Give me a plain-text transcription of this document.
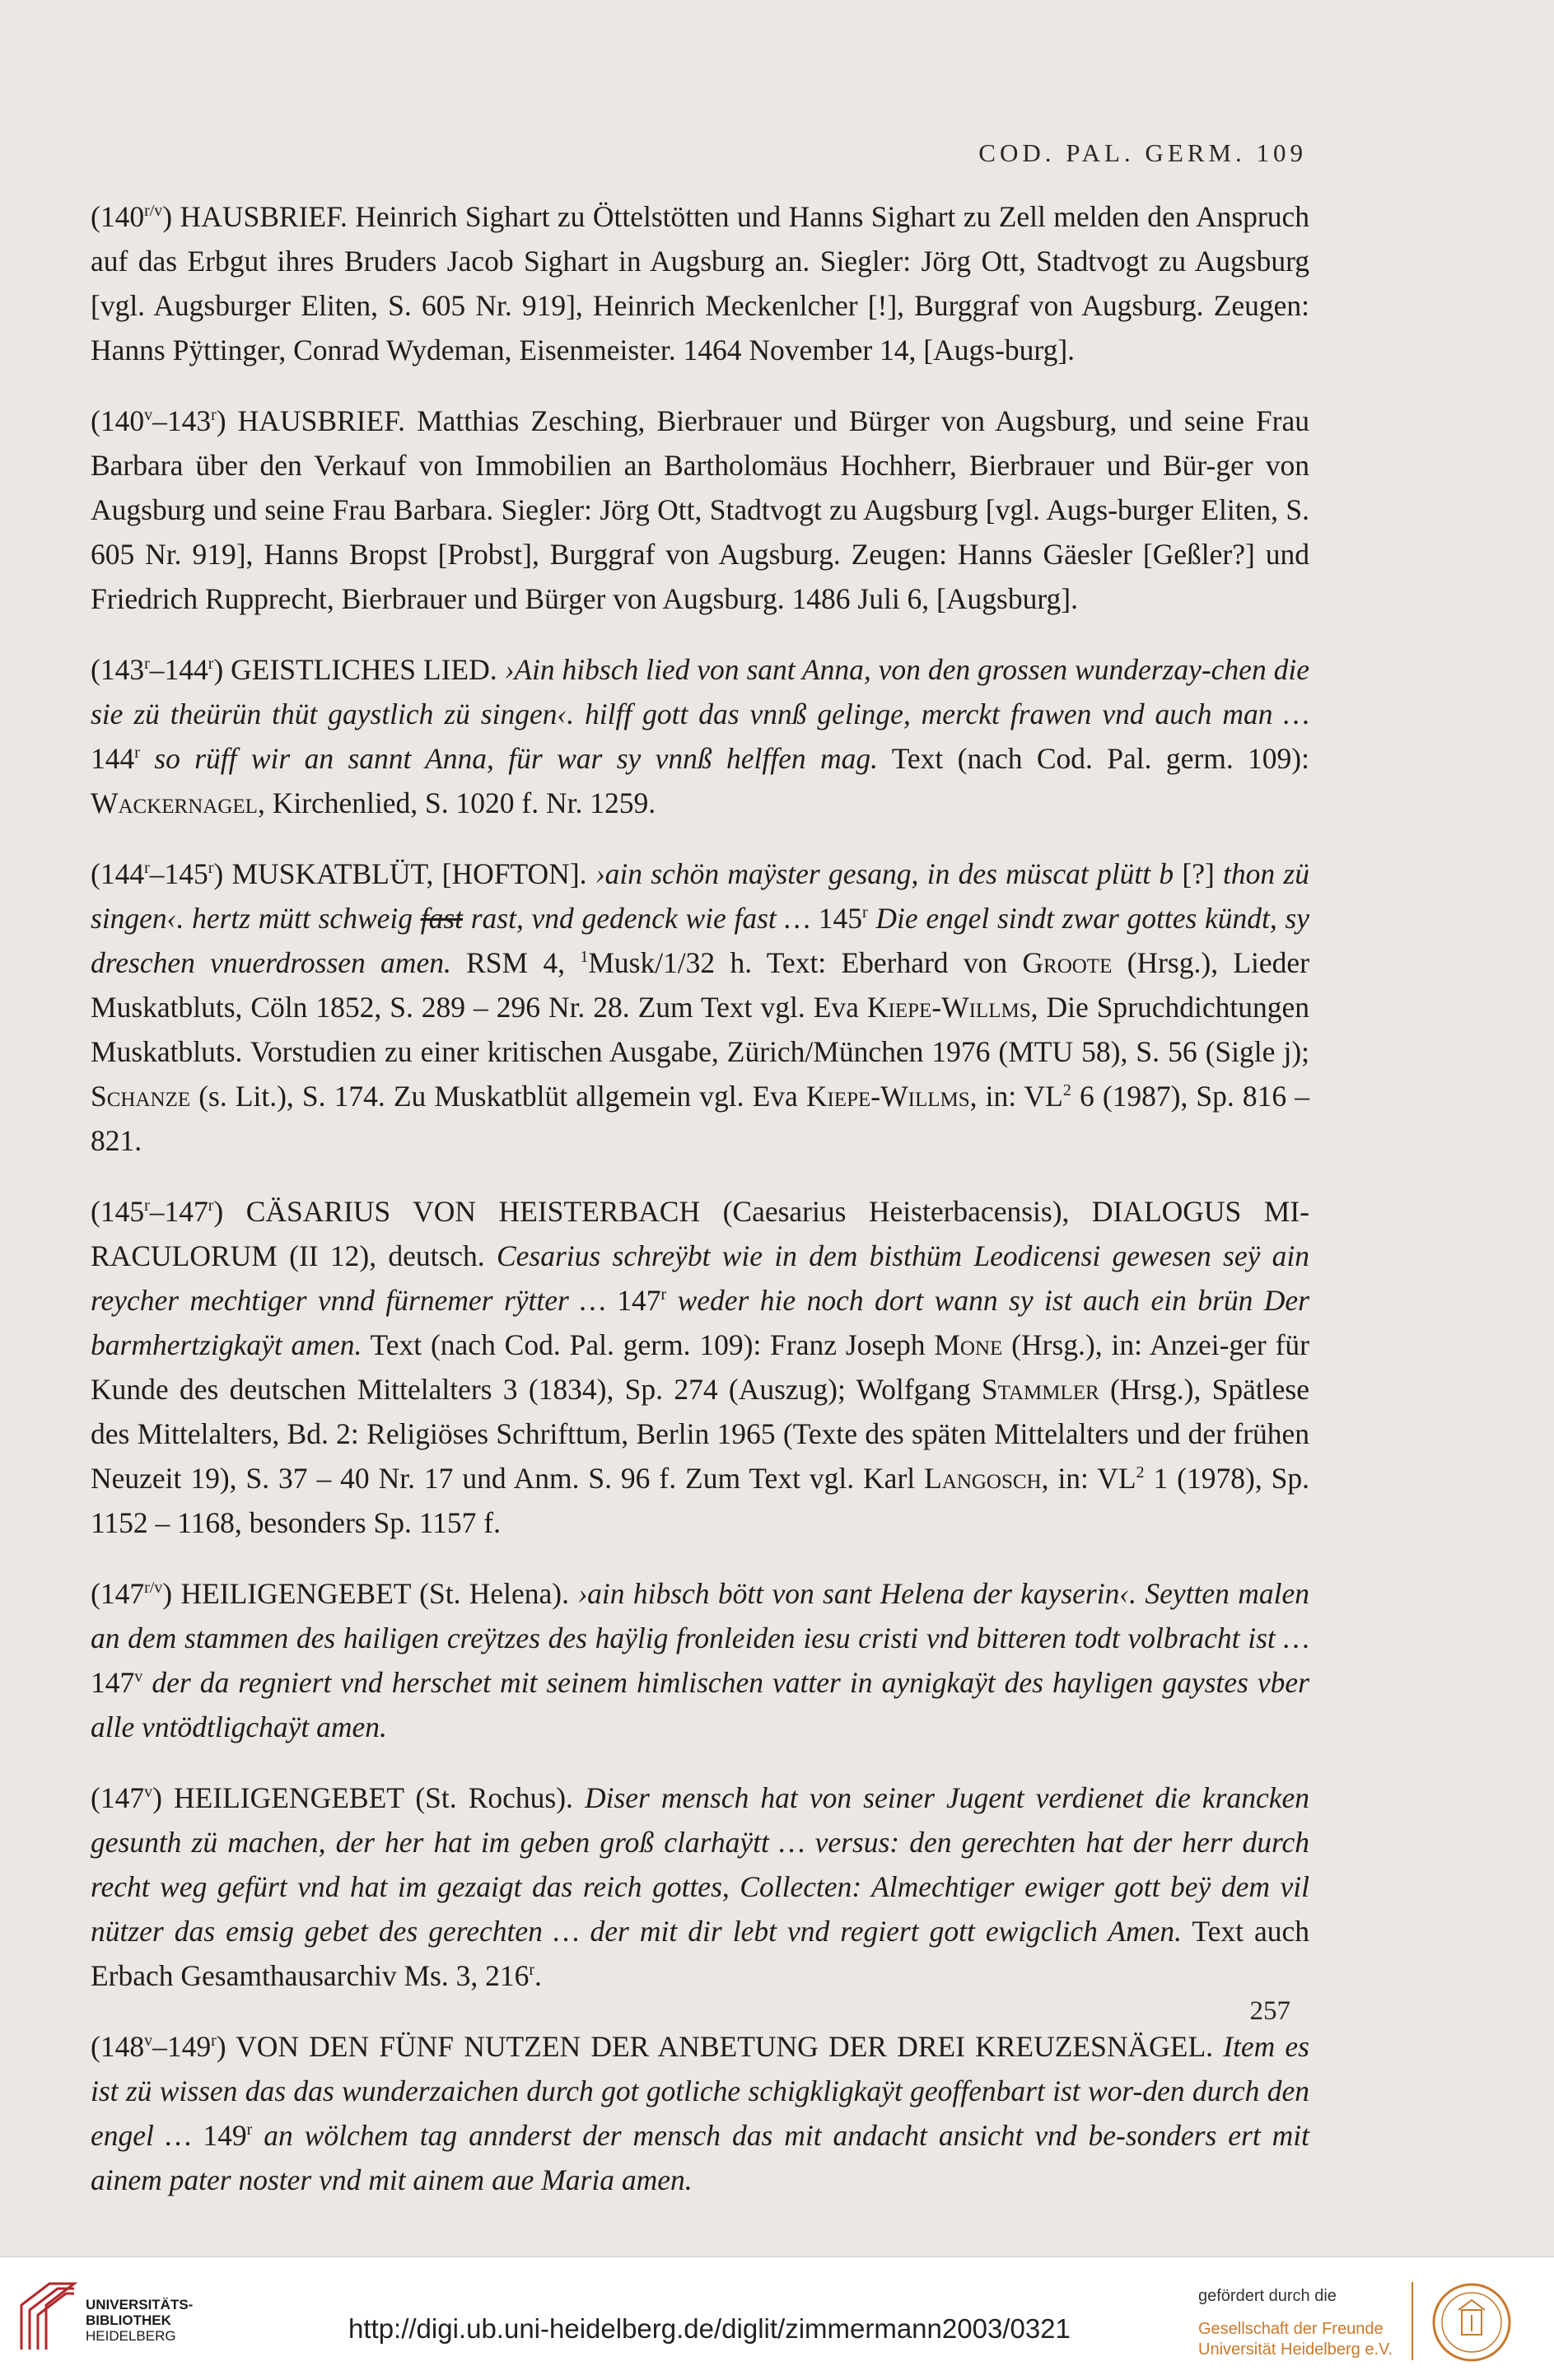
COD. PAL. GERM. 109

$(140^{r/v})$ HAUSBRIEF. Heinrich Sighart zu Öttelstötten und Hanns Sighart zu Zell melden den Anspruch auf das Erbgut ihres Bruders Jacob Sighart in Augsburg an. Siegler: Jörg Ott, Stadtvogt zu Augsburg [vgl. Augsburger Eliten, S. 605 Nr. 919], Heinrich Meckenlcher [!], Burggraf von Augsburg. Zeugen: Hanns Pÿttinger, Conrad Wydeman, Eisenmeister. 1464 November 14, [Augs-burg].

(140$^v$–143$^r$) HAUSBRIEF. Matthias Zesching, Bierbrauer und Bürger von Augsburg, und seine Frau Barbara über den Verkauf von Immobilien an Bartholomäus Hochherr, Bierbrauer und Bür-ger von Augsburg und seine Frau Barbara. Siegler: Jörg Ott, Stadtvogt zu Augsburg [vgl. Augs-burger Eliten, S. 605 Nr. 919], Hanns Bropst [Probst], Burggraf von Augsburg. Zeugen: Hanns Gäesler [Geßler?] und Friedrich Rupprecht, Bierbrauer und Bürger von Augsburg. 1486 Juli 6, [Augsburg].

(143$^r$–144$^r$) GEISTLICHES LIED. ›Ain hibsch lied von sant Anna, von den grossen wunderzay-chen die sie zü theürün thüt gaystlich zü singen‹. hilff gott das vnnß gelinge, merckt frawen vnd auch man … 144$^r$ so rüff wir an sannt Anna, für war sy vnnß helffen mag. Text (nach Cod. Pal. germ. 109): Wackernagel, Kirchenlied, S. 1020 f. Nr. 1259.

(144$^r$–145$^r$) MUSKATBLÜT, [HOFTON]. ›ain schön maÿster gesang, in des müscat plütt b [?] thon zü singen‹. hertz mütt schweig fast rast, vnd gedenck wie fast … 145$^r$ Die engel sindt zwar gottes kündt, sy dreschen vnuerdrossen amen. RSM 4, $^1$Musk/1/32 h. Text: Eberhard von Groote (Hrsg.), Lieder Muskatbluts, Cöln 1852, S. 289 – 296 Nr. 28. Zum Text vgl. Eva Kiepe-Willms, Die Spruchdichtungen Muskatbluts. Vorstudien zu einer kritischen Ausgabe, Zürich/München 1976 (MTU 58), S. 56 (Sigle j); Schanze (s. Lit.), S. 174. Zu Muskatblüt allgemein vgl. Eva Kiepe-Willms, in: $VL^2$ 6 (1987), Sp. 816 – 821.

(145$^r$–147$^r$) CÄSARIUS VON HEISTERBACH (Caesarius Heisterbacensis), DIALOGUS MI-RACULORUM (II 12), deutsch. Cesarius schreÿbt wie in dem bisthüm Leodicensi gewesen seÿ ain reycher mechtiger vnnd fürnemer rÿtter … 147$^r$ weder hie noch dort wann sy ist auch ein brün Der barmhertzigkaÿt amen. Text (nach Cod. Pal. germ. 109): Franz Joseph Mone (Hrsg.), in: Anzei-ger für Kunde des deutschen Mittelalters 3 (1834), Sp. 274 (Auszug); Wolfgang Stammler (Hrsg.), Spätlese des Mittelalters, Bd. 2: Religiöses Schrifttum, Berlin 1965 (Texte des späten Mittelalters und der frühen Neuzeit 19), S. 37 – 40 Nr. 17 und Anm. S. 96 f. Zum Text vgl. Karl Langosch, in: $VL^2$ 1 (1978), Sp. 1152 – 1168, besonders Sp. 1157 f.

$(147^{r/v})$ HEILIGENGEBET (St. Helena). ›ain hibsch bött von sant Helena der kayserin‹. Seytten malen an dem stammen des hailigen creÿtzes des haÿlig fronleiden iesu cristi vnd bitteren todt volbracht ist … 147$^v$ der da regniert vnd herschet mit seinem himlischen vatter in aynigkaÿt des hayligen gaystes vber alle vntödtligchaÿt amen.

(147$^v$) HEILIGENGEBET (St. Rochus). Diser mensch hat von seiner Jugent verdienet die krancken gesunth zü machen, der her hat im geben groß clarhaÿtt … versus: den gerechten hat der herr durch recht weg gefürt vnd hat im gezaigt das reich gottes, Collecten: Almechtiger ewiger gott beÿ dem vil nützer das emsig gebet des gerechten … der mit dir lebt vnd regiert gott ewigclich Amen. Text auch Erbach Gesamthausarchiv Ms. 3, 216$^r$.

(148$^v$–149$^r$) VON DEN FÜNF NUTZEN DER ANBETUNG DER DREI KREUZESNÄGEL. Item es ist zü wissen das das wunderzaichen durch got gotliche schigkligkaÿt geoffenbart ist wor-den durch den engel … 149$^r$ an wölchem tag annderst der mensch das mit andacht ansicht vnd be-sonders ert mit ainem pater noster vnd mit ainem aue Maria amen.

257
UNIVERSITÄTS-
BIBLIOTHEK
HEIDELBERG	http://digi.ub.uni-heidelberg.de/diglit/zimmermann2003/0321
gefördert durch die
Gesellschaft der Freunde
Universität Heidelberg e.V.
